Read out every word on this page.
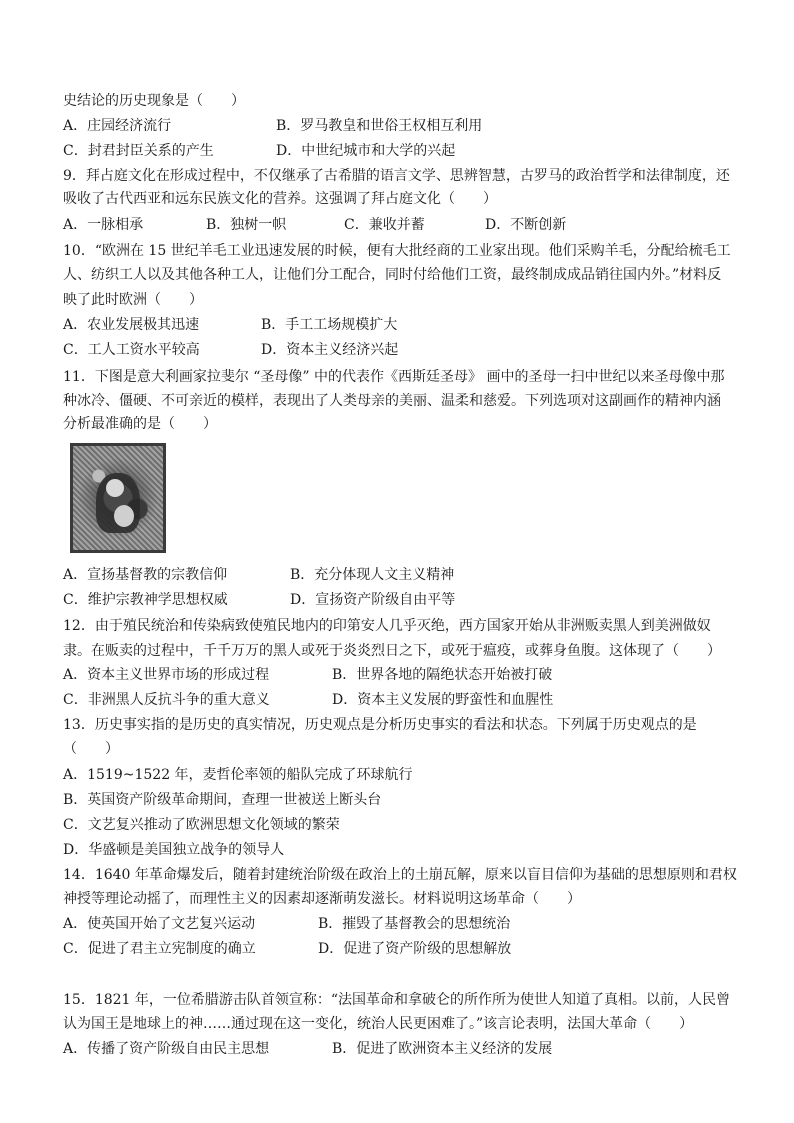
史结论的历史现象是（　　）
9．拜占庭文化在形成过程中，不仅继承了古希腊的语言文学、思辨智慧，古罗马的政治哲学和法律制度，还
吸收了古代西亚和远东民族文化的营养。这强调了拜占庭文化（　　）
10．“欧洲在 15 世纪羊毛工业迅速发展的时候，便有大批经商的工业家出现。他们采购羊毛，分配给梳毛工
人、纺织工人以及其他各种工人，让他们分工配合，同时付给他们工资，最终制成成品销往国内外。”材料反
映了此时欧洲（　　）
11．下图是意大利画家拉斐尔 “圣母像” 中的代表作《西斯廷圣母》 画中的圣母一扫中世纪以来圣母像中那
种冰冷、僵硬、不可亲近的模样，表现出了人类母亲的美丽、温柔和慈爱。下列选项对这副画作的精神内涵
分析最准确的是（　　）
12．由于殖民统治和传染病致使殖民地内的印第安人几乎灭绝，西方国家开始从非洲贩卖黑人到美洲做奴
隶。在贩卖的过程中，千千万万的黑人或死于炎炎烈日之下，或死于瘟疫，或葬身鱼腹。这体现了（　　）
13．历史事实指的是历史的真实情况，历史观点是分析历史事实的看法和状态。下列属于历史观点的是
（　　）
A．1519~1522 年，麦哲伦率领的船队完成了环球航行
B．英国资产阶级革命期间，查理一世被送上断头台
C．文艺复兴推动了欧洲思想文化领域的繁荣
D．华盛顿是美国独立战争的领导人
14．1640 年革命爆发后，随着封建统治阶级在政治上的土崩瓦解，原来以盲目信仰为基础的思想原则和君权
神授等理论动摇了，而理性主义的因素却逐渐萌发滋长。材料说明这场革命（　　）
15．1821 年，一位希腊游击队首领宣称：“法国革命和拿破仑的所作所为使世人知道了真相。以前，人民曾
认为国王是地球上的神……通过现在这一变化，统治人民更困难了。”该言论表明，法国大革命（　　）
A．庄园经济流行	B．罗马教皇和世俗王权相互利用
C．封君封臣关系的产生	D．中世纪城市和大学的兴起
A．一脉相承	B．独树一帜	C．兼收并蓄	D．不断创新
A．农业发展极其迅速	B．手工工场规模扩大
C．工人工资水平较高	D．资本主义经济兴起
A．宣扬基督教的宗教信仰	B．充分体现人文主义精神
C．维护宗教神学思想权威	D．宣扬资产阶级自由平等
A．资本主义世界市场的形成过程	B．世界各地的隔绝状态开始被打破
C．非洲黑人反抗斗争的重大意义	D．资本主义发展的野蛮性和血腥性
A．使英国开始了文艺复兴运动	B．摧毁了基督教会的思想统治
C．促进了君主立宪制度的确立	D．促进了资产阶级的思想解放
A．传播了资产阶级自由民主思想	B．促进了欧洲资本主义经济的发展
